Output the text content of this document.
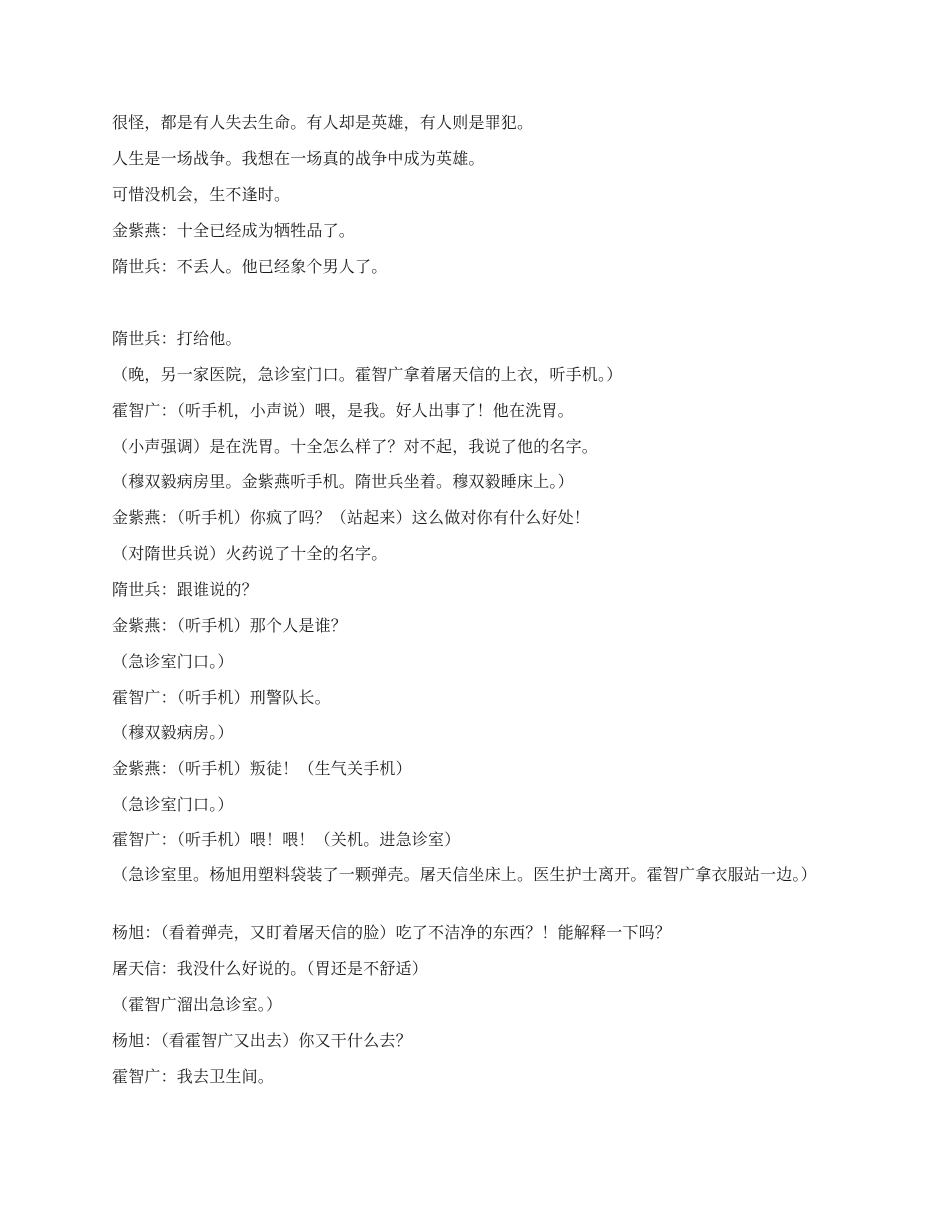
很怪，都是有人失去生命。有人却是英雄，有人则是罪犯。
人生是一场战争。我想在一场真的战争中成为英雄。
可惜没机会，生不逢时。
金紫燕：十全已经成为牺牲品了。
隋世兵：不丢人。他已经象个男人了。
隋世兵：打给他。
（晚，另一家医院，急诊室门口。霍智广拿着屠天信的上衣，听手机。）
霍智广：（听手机，小声说）喂，是我。好人出事了！他在洗胃。
（小声强调）是在洗胃。十全怎么样了？对不起，我说了他的名字。
（穆双毅病房里。金紫燕听手机。隋世兵坐着。穆双毅睡床上。）
金紫燕：（听手机）你疯了吗？（站起来）这么做对你有什么好处！
（对隋世兵说）火药说了十全的名字。
隋世兵：跟谁说的？
金紫燕：（听手机）那个人是谁？
（急诊室门口。）
霍智广：（听手机）刑警队长。
（穆双毅病房。）
金紫燕：（听手机）叛徒！（生气关手机）
（急诊室门口。）
霍智广：（听手机）喂！喂！（关机。进急诊室）
（急诊室里。杨旭用塑料袋装了一颗弹壳。屠天信坐床上。医生护士离开。霍智广拿衣服站一边。）
杨旭：（看着弹壳，又盯着屠天信的脸）吃了不洁净的东西？！能解释一下吗？
屠天信：我没什么好说的。（胃还是不舒适）
（霍智广溜出急诊室。）
杨旭：（看霍智广又出去）你又干什么去？
霍智广：我去卫生间。
